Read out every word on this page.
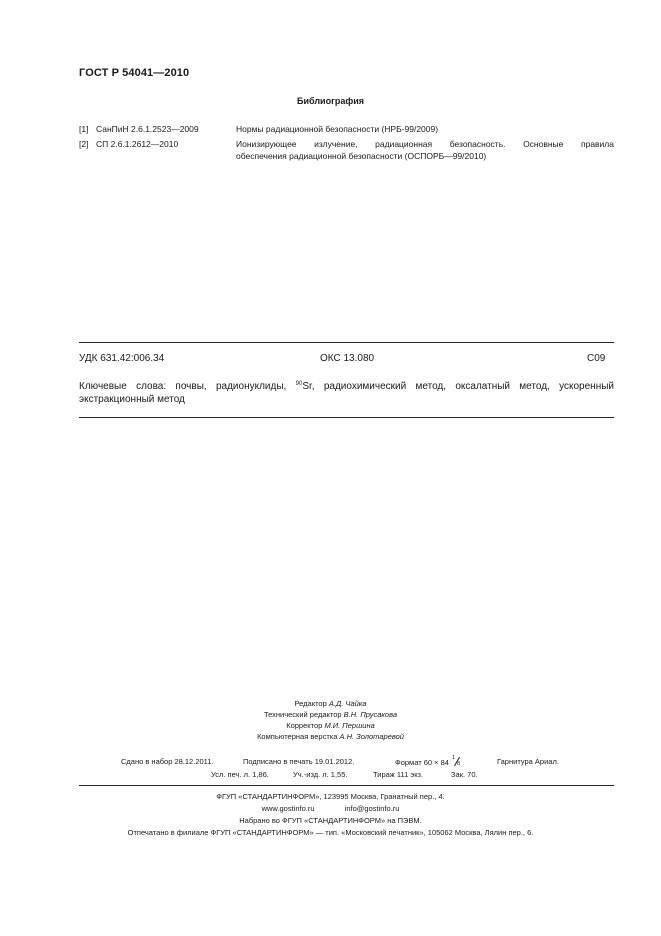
ГОСТ Р 54041—2010
Библиография
[1] СанПиН 2.6.1.2523—2009	Нормы радиационной безопасности (НРБ-99/2009)
[2] СП 2.6.1.2612—2010	Ионизирующее излучение, радиационная безопасность. Основные правила
обеспечения радиационной безопасности (ОСПОРБ—99/2010)
УДК 631.42:006.34	ОКС 13.080	С09
Ключевые слова: почвы, радионуклиды, $^{90}$Sr, радиохимический метод, оксалатный метод, ускоренный
экстракционный метод
Редактор А.Д. Чайка
Технический редактор В.Н. Прусакова
Корректор М.И. Першина
Компьютерная верстка А.Н. Золотаревой
Сдано в набор 28.12.2011.	Подписано в печать 19.01.2012.	Формат 60 × 84 1
8	Гарнитура Ариал.
Усл. печ. л. 1,86.	Уч.-изд. л. 1,55.	Тираж 111 экз.	Зак. 70.
ФГУП «СТАНДАРТИНФОРМ», 123995 Москва, Гранатный пер., 4.
www.gostinfo.ru	info@gostinfo.ru
Набрано во ФГУП «СТАНДАРТИНФОРМ» на ПЭВМ.
Отпечатано в филиале ФГУП «СТАНДАРТИНФОРМ» — тип. «Московский печатник», 105062 Москва, Лялин пер., 6.
